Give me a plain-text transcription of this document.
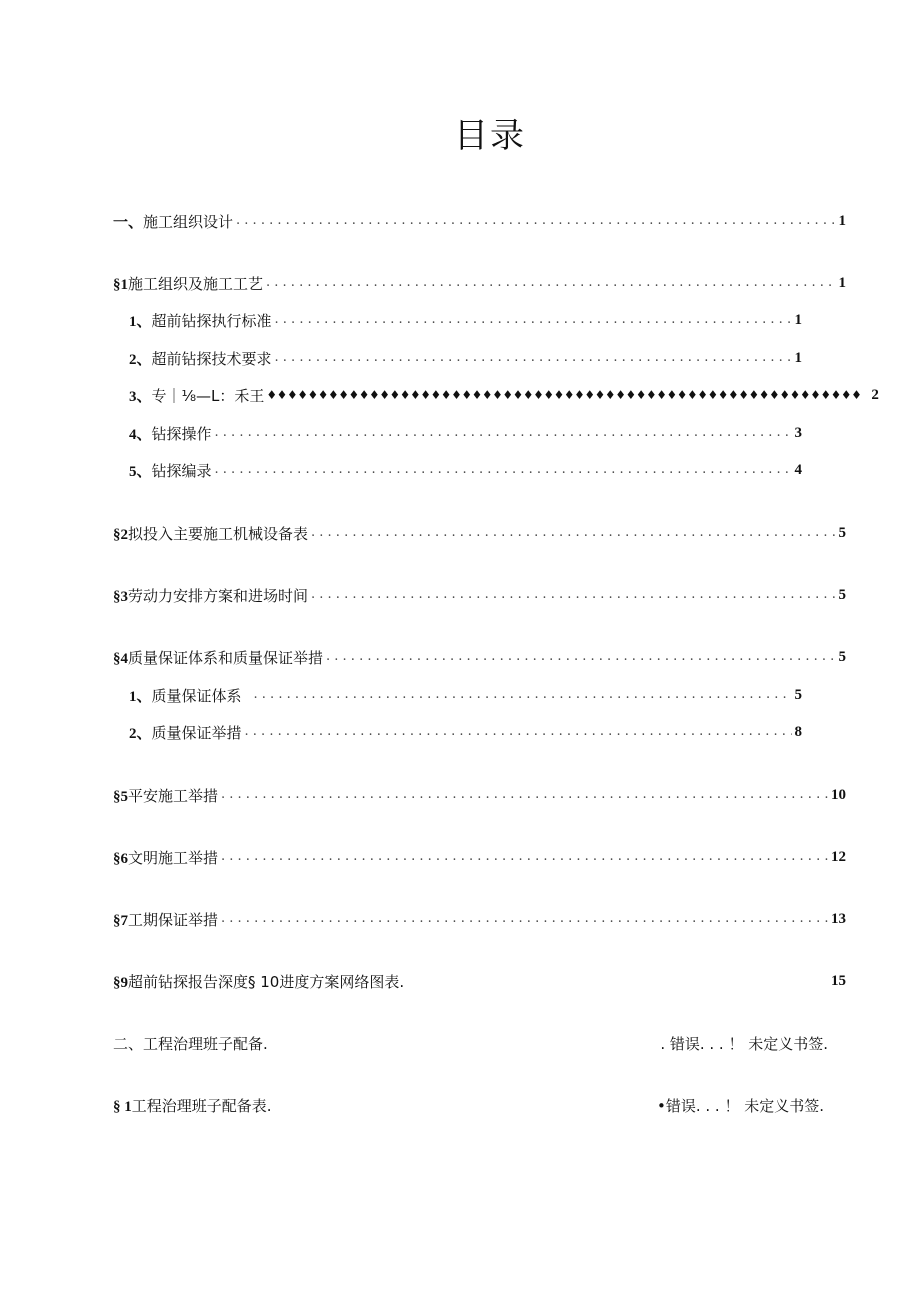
目录
一、施工组织设计 . . .	1
§1施工组织及施工工艺 . . .	1
1、超前钻探执行标准 . . .	1
2、超前钻探技术要求 . . .	1
3、专｜⅛—L：禾王 ♦♦♦♦♦♦♦♦♦♦♦♦♦♦♦♦♦♦♦♦♦♦♦♦♦♦♦♦♦♦♦♦♦♦♦♦♦♦♦♦♦♦♦♦♦♦♦♦♦♦♦♦♦♦♦♦♦♦ 2
4、钻探操作 . . .	3
5、钻探编录 . . .	4
§2拟投入主要施工机械设备表 . . .	5
§3劳动力安排方案和进场时间 . . .	5
§4质量保证体系和质量保证举措 . . .	5
1、质量保证体系 . . .	5
2、质量保证举措 . . .	8
§5平安施工举措 . . .	10
§6文明施工举措 . . .	12
§7工期保证举措 . . .	13
§9超前钻探报告深度§ 10进度方案网络图表.	15
二、工程治理班子配备.	. 错误. . . ！ 未定义书签.
§ 1工程治理班子配备表.	•错误. . . ！ 未定义书签.
